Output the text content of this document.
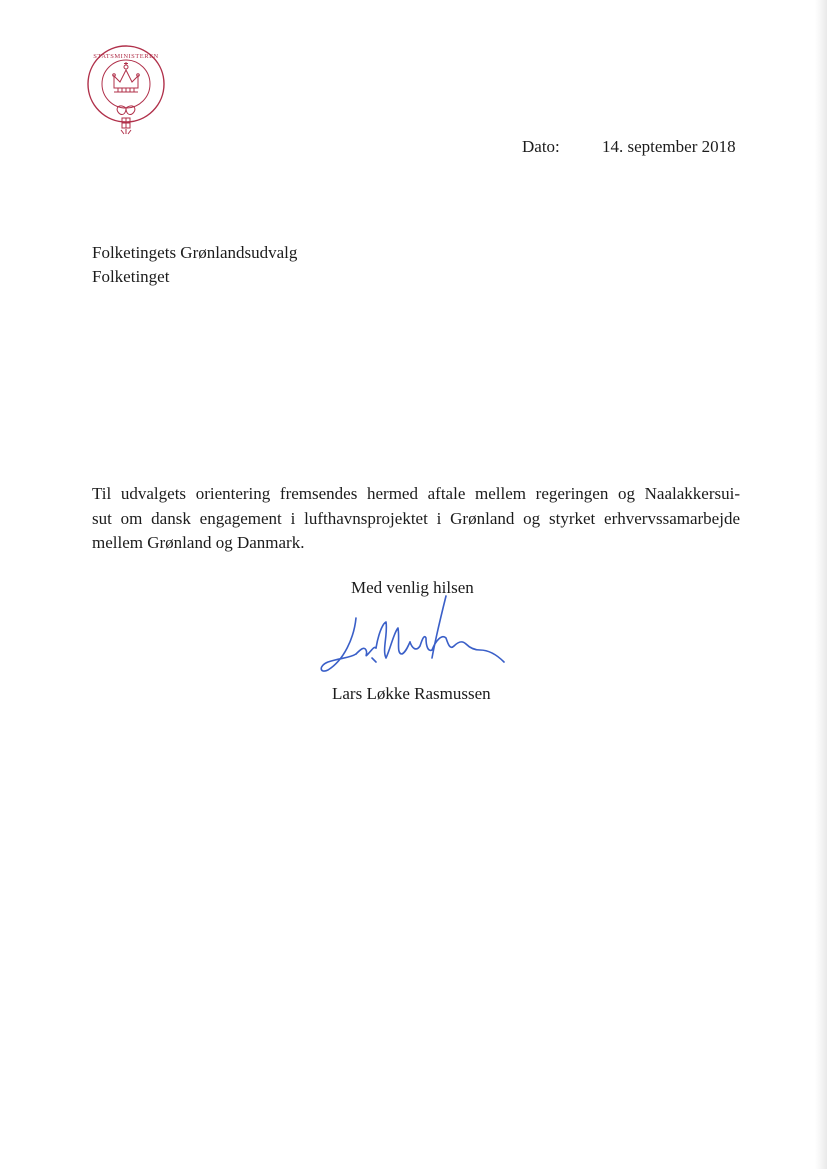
STATSMINISTEREN
Dato: 14. september 2018
Folketingets Grønlandsudvalg
Folketinget
Til udvalgets orientering fremsendes hermed aftale mellem regeringen og Naalakkersui-
sut om dansk engagement i lufthavnsprojektet i Grønland og styrket erhvervssamarbejde
mellem Grønland og Danmark.
Med venlig hilsen
Lars Løkke Rasmussen
